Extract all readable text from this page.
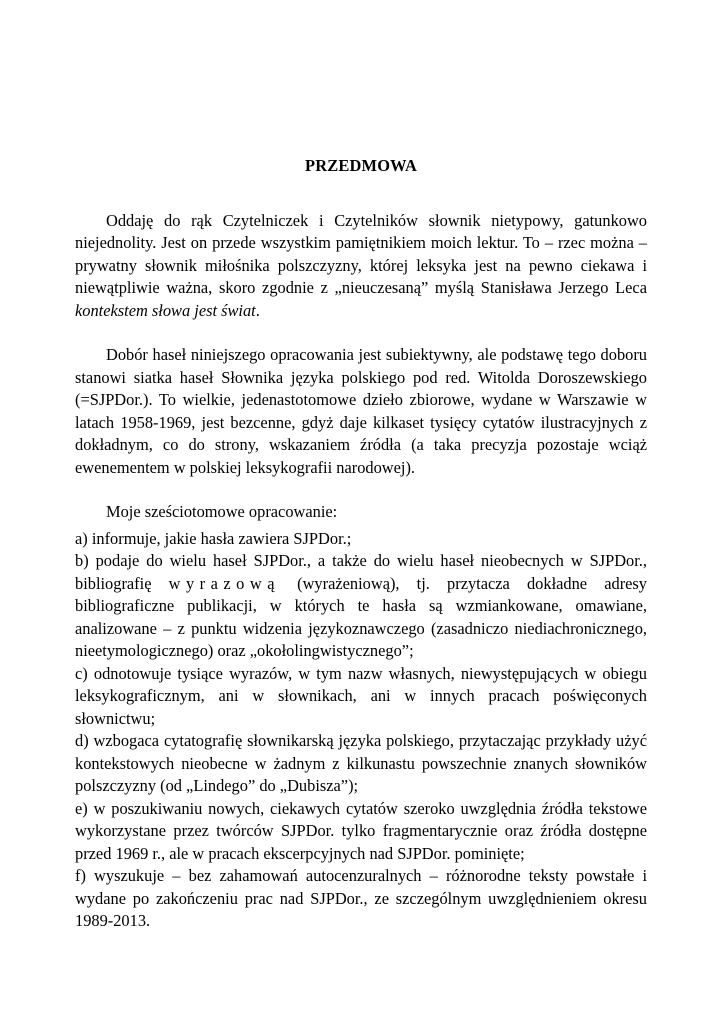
PRZEDMOWA

Oddaję do rąk Czytelniczek i Czytelników słownik nietypowy, gatunkowo niejednolity. Jest on przede wszystkim pamiętnikiem moich lektur. To – rzec można – prywatny słownik miłośnika polszczyzny, której leksyka jest na pewno ciekawa i niewątpliwie ważna, skoro zgodnie z „nieuczesaną” myślą Stanisława Jerzego Leca kontekstem słowa jest świat.

Dobór haseł niniejszego opracowania jest subiektywny, ale podstawę tego doboru stanowi siatka haseł Słownika języka polskiego pod red. Witolda Doroszewskiego (=SJPDor.). To wielkie, jedenastotomowe dzieło zbiorowe, wydane w Warszawie w latach 1958-1969, jest bezcenne, gdyż daje kilkaset tysięcy cytatów ilustracyjnych z dokładnym, co do strony, wskazaniem źródła (a taka precyzja pozostaje wciąż ewenementem w polskiej leksykografii narodowej).

Moje sześciotomowe opracowanie:

a) informuje, jakie hasła zawiera SJPDor.;

b) podaje do wielu haseł SJPDor., a także do wielu haseł nieobecnych w SJPDor., bibliografię wyrazową (wyrażeniową), tj. przytacza dokładne adresy bibliograficzne publikacji, w których te hasła są wzmiankowane, omawiane, analizowane – z punktu widzenia językoznawczego (zasadniczo niediachronicznego, nieetymologicznego) oraz „okołolingwistycznego”;

c) odnotowuje tysiące wyrazów, w tym nazw własnych, niewystępujących w obiegu leksykograficznym, ani w słownikach, ani w innych pracach poświęconych słownictwu;

d) wzbogaca cytatografię słownikarską języka polskiego, przytaczając przykłady użyć kontekstowych nieobecne w żadnym z kilkunastu powszechnie znanych słowników polszczyzny (od „Lindego” do „Dubisza”);

e) w poszukiwaniu nowych, ciekawych cytatów szeroko uwzględnia źródła tekstowe wykorzystane przez twórców SJPDor. tylko fragmentarycznie oraz źródła dostępne przed 1969 r., ale w pracach ekscerpcyjnych nad SJPDor. pominięte;

f) wyszukuje – bez zahamowań autocenzuralnych – różnorodne teksty powstałe i wydane po zakończeniu prac nad SJPDor., ze szczególnym uwzględnieniem okresu 1989-2013.
